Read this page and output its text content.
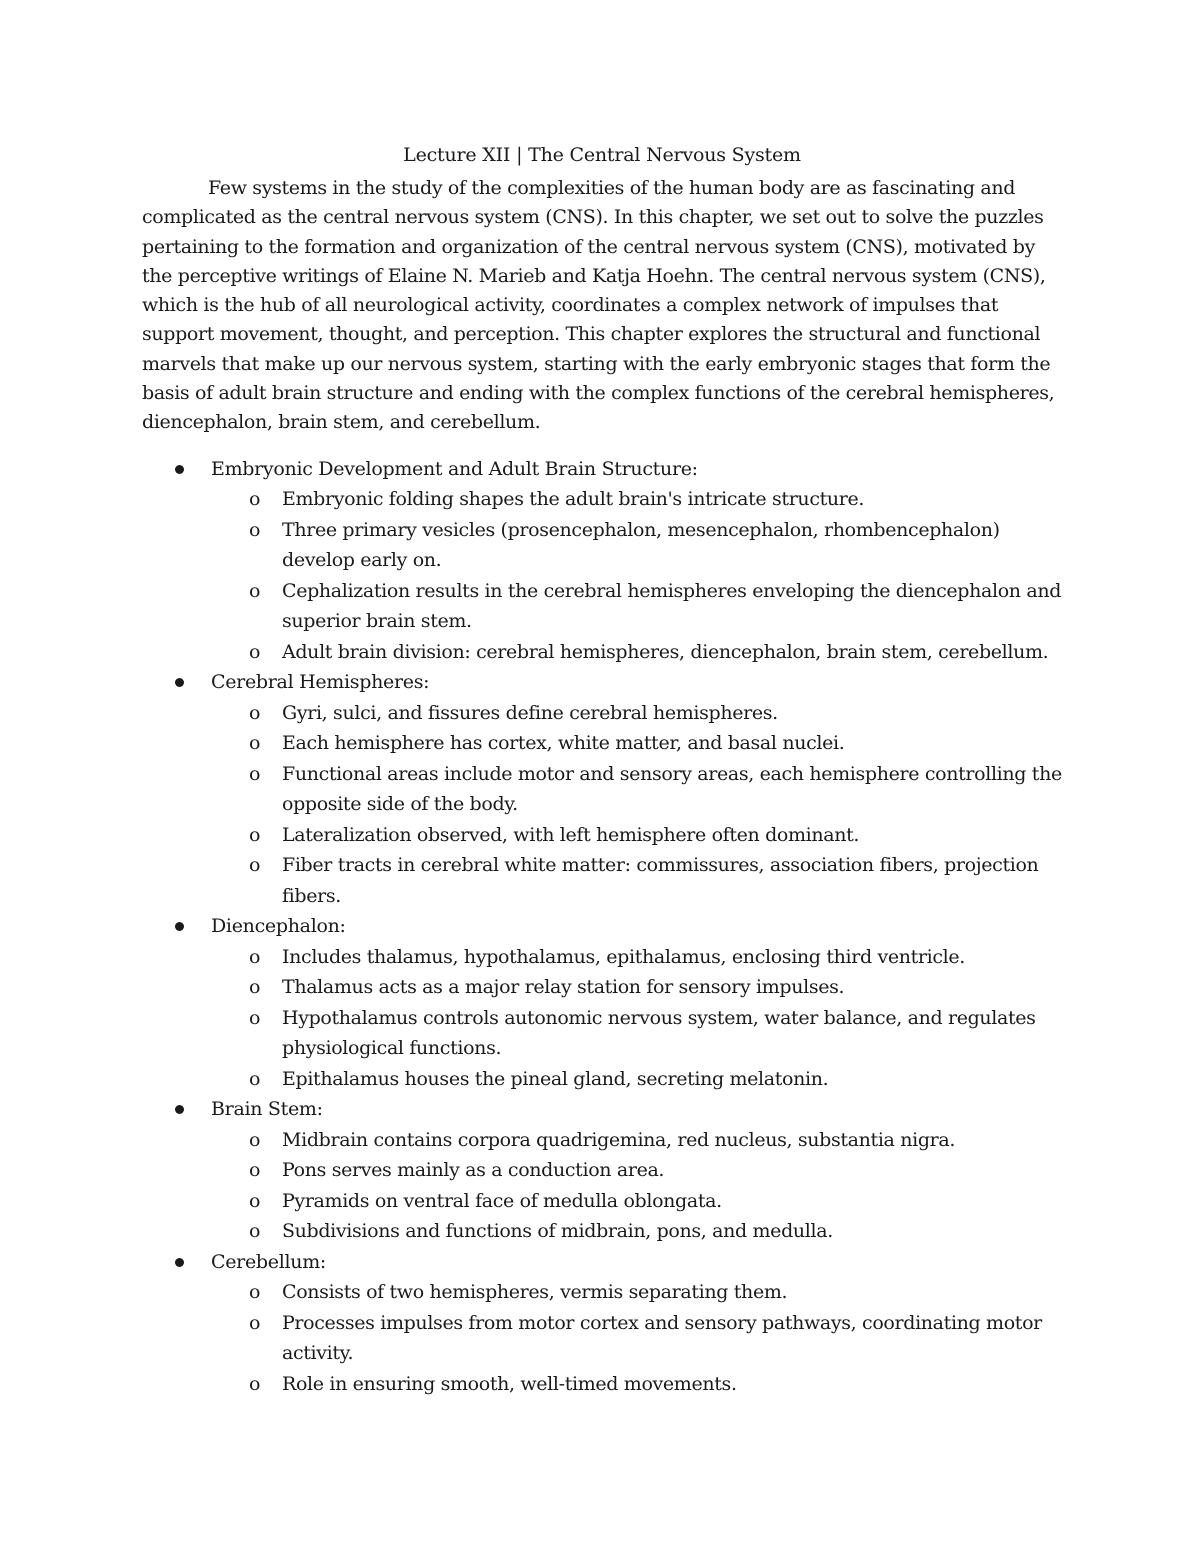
Lecture XII | The Central Nervous System

Few systems in the study of the complexities of the human body are as fascinating and complicated as the central nervous system (CNS). In this chapter, we set out to solve the puzzles pertaining to the formation and organization of the central nervous system (CNS), motivated by the perceptive writings of Elaine N. Marieb and Katja Hoehn. The central nervous system (CNS), which is the hub of all neurological activity, coordinates a complex network of impulses that support movement, thought, and perception. This chapter explores the structural and functional marvels that make up our nervous system, starting with the early embryonic stages that form the basis of adult brain structure and ending with the complex functions of the cerebral hemispheres, diencephalon, brain stem, and cerebellum.

Embryonic Development and Adult Brain Structure:
o Embryonic folding shapes the adult brain's intricate structure.
o Three primary vesicles (prosencephalon, mesencephalon, rhombencephalon) develop early on.
o Cephalization results in the cerebral hemispheres enveloping the diencephalon and superior brain stem.
o Adult brain division: cerebral hemispheres, diencephalon, brain stem, cerebellum.
Cerebral Hemispheres:
o Gyri, sulci, and fissures define cerebral hemispheres.
o Each hemisphere has cortex, white matter, and basal nuclei.
o Functional areas include motor and sensory areas, each hemisphere controlling the opposite side of the body.
o Lateralization observed, with left hemisphere often dominant.
o Fiber tracts in cerebral white matter: commissures, association fibers, projection fibers.
Diencephalon:
o Includes thalamus, hypothalamus, epithalamus, enclosing third ventricle.
o Thalamus acts as a major relay station for sensory impulses.
o Hypothalamus controls autonomic nervous system, water balance, and regulates physiological functions.
o Epithalamus houses the pineal gland, secreting melatonin.
Brain Stem:
o Midbrain contains corpora quadrigemina, red nucleus, substantia nigra.
o Pons serves mainly as a conduction area.
o Pyramids on ventral face of medulla oblongata.
o Subdivisions and functions of midbrain, pons, and medulla.
Cerebellum:
o Consists of two hemispheres, vermis separating them.
o Processes impulses from motor cortex and sensory pathways, coordinating motor activity.
o Role in ensuring smooth, well-timed movements.
